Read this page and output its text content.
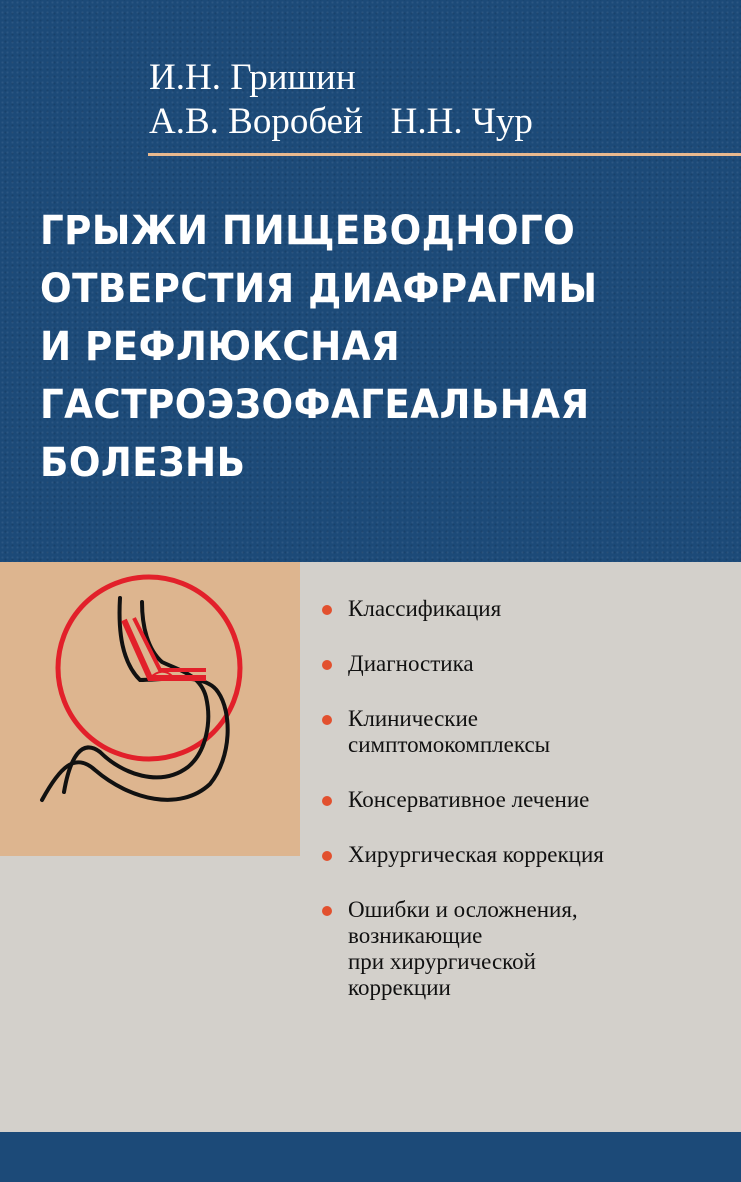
И.Н. Гришин
А.В. Воробей   Н.Н. Чур
ГРЫЖИ ПИЩЕВОДНОГО
ОТВЕРСТИЯ ДИАФРАГМЫ
И РЕФЛЮКСНАЯ
ГАСТРОЭЗОФАГЕАЛЬНАЯ
БОЛЕЗНЬ
Классификация
Диагностика
Клинические
симптомокомплексы
Консервативное лечение
Хирургическая коррекция
Ошибки и осложнения,
возникающие
при хирургической
коррекции
